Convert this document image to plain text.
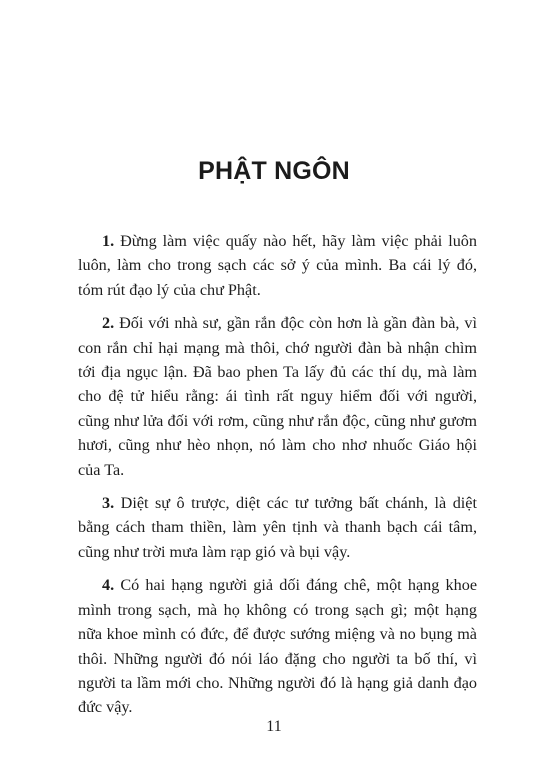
PHẬT NGÔN

1. Đừng làm việc quấy nào hết, hãy làm việc phải luôn luôn, làm cho trong sạch các sở ý của mình. Ba cái lý đó, tóm rút đạo lý của chư Phật.

2. Đối với nhà sư, gần rắn độc còn hơn là gần đàn bà, vì con rắn chỉ hại mạng mà thôi, chớ người đàn bà nhận chìm tới địa ngục lận. Đã bao phen Ta lấy đủ các thí dụ, mà làm cho đệ tử hiểu rằng: ái tình rất nguy hiểm đối với người, cũng như lửa đối với rơm, cũng như rắn độc, cũng như gươm hươi, cũng như hèo nhọn, nó làm cho nhơ nhuốc Giáo hội của Ta.

3. Diệt sự ô trược, diệt các tư tưởng bất chánh, là diệt bằng cách tham thiền, làm yên tịnh và thanh bạch cái tâm, cũng như trời mưa làm rạp gió và bụi vậy.

4. Có hai hạng người giả dối đáng chê, một hạng khoe mình trong sạch, mà họ không có trong sạch gì; một hạng nữa khoe mình có đức, để được sướng miệng và no bụng mà thôi. Những người đó nói láo đặng cho người ta bố thí, vì người ta lầm mới cho. Những người đó là hạng giả danh đạo đức vậy.

11
